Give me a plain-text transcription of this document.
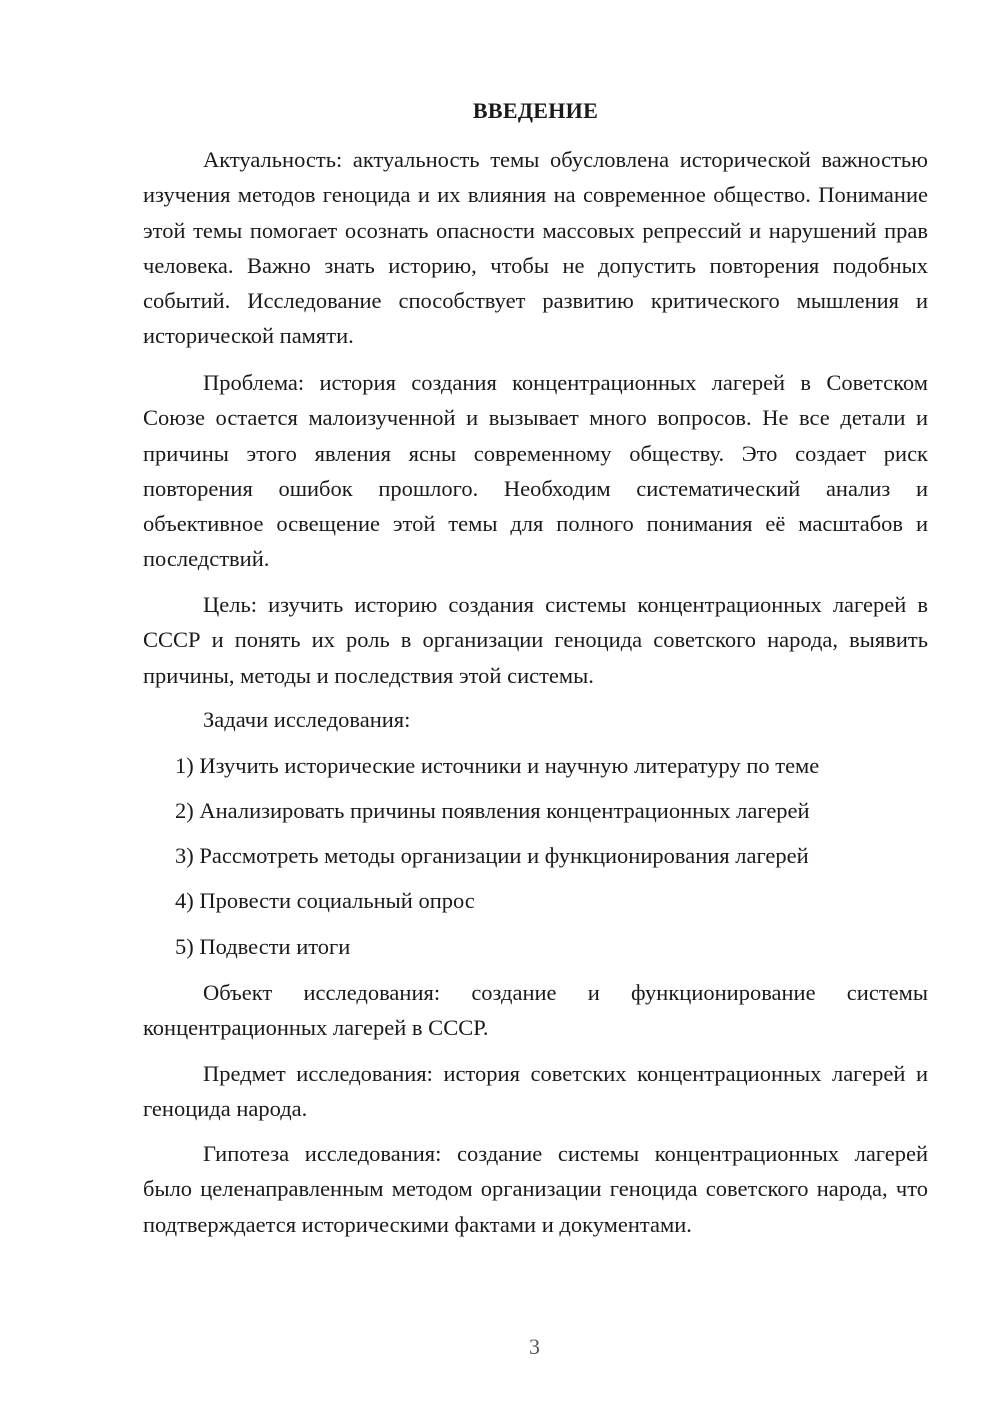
ВВЕДЕНИЕ

Актуальность: актуальность темы обусловлена исторической важностью изучения методов геноцида и их влияния на современное общество. Понимание этой темы помогает осознать опасности массовых репрессий и нарушений прав человека. Важно знать историю, чтобы не допустить повторения подобных событий. Исследование способствует развитию критического мышления и исторической памяти.

Проблема: история создания концентрационных лагерей в Советском Союзе остается малоизученной и вызывает много вопросов. Не все детали и причины этого явления ясны современному обществу. Это создает риск повторения ошибок прошлого. Необходим систематический анализ и объективное освещение этой темы для полного понимания её масштабов и последствий.

Цель: изучить историю создания системы концентрационных лагерей в СССР и понять их роль в организации геноцида советского народа, выявить причины, методы и последствия этой системы.

Задачи исследования:

1) Изучить исторические источники и научную литературу по теме

2) Анализировать причины появления концентрационных лагерей

3) Рассмотреть методы организации и функционирования лагерей

4) Провести социальный опрос

5) Подвести итоги

Объект исследования: создание и функционирование системы концентрационных лагерей в СССР.

Предмет исследования: история советских концентрационных лагерей и геноцида народа.

Гипотеза исследования: создание системы концентрационных лагерей было целенаправленным методом организации геноцида советского народа, что подтверждается историческими фактами и документами.

3
